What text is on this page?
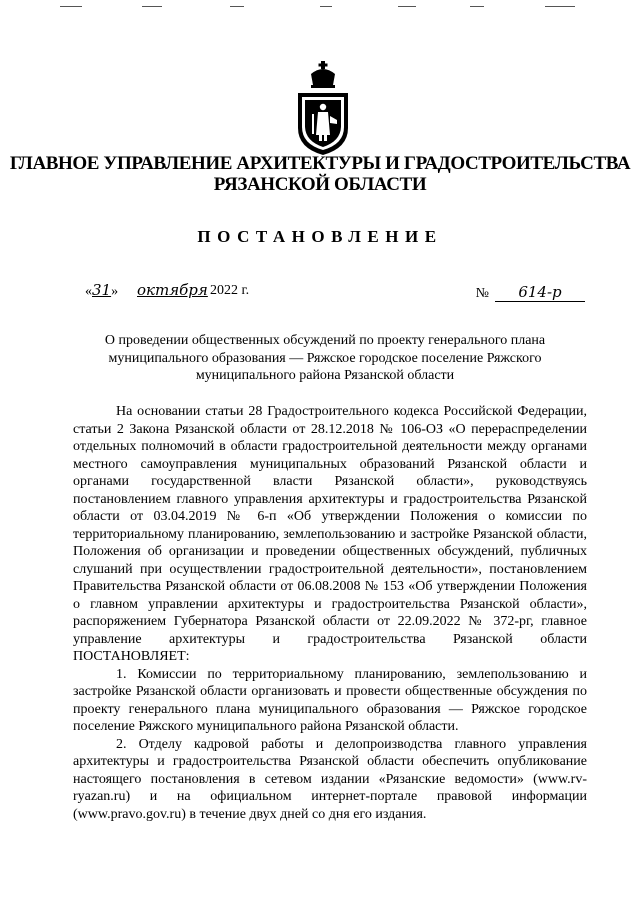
ГЛАВНОЕ УПРАВЛЕНИЕ АРХИТЕКТУРЫ И ГРАДОСТРОИТЕЛЬСТВА
РЯЗАНСКОЙ ОБЛАСТИ
ПОСТАНОВЛЕНИЕ
«31» октября 2022 г.	№ 614-р
О проведении общественных обсуждений по проекту генерального плана
муниципального образования — Ряжское городское поселение Ряжского
муниципального района Рязанской области

На основании статьи 28 Градостроительного кодекса Российской Федерации, статьи 2 Закона Рязанской области от 28.12.2018 № 106-ОЗ «О перераспределении отдельных полномочий в области градостроительной деятельности между органами местного самоуправления муниципальных образований Рязанской области и органами государственной власти Рязанской области», руководствуясь постановлением главного управления архитектуры и градостроительства Рязанской области от 03.04.2019 № 6-п «Об утверждении Положения о комиссии по территориальному планированию, землепользованию и застройке Рязанской области, Положения об организации и проведении общественных обсуждений, публичных слушаний при осуществлении градостроительной деятельности», постановлением Правительства Рязанской области от 06.08.2008 № 153 «Об утверждении Положения о главном управлении архитектуры и градостроительства Рязанской области», распоряжением Губернатора Рязанской области от 22.09.2022 № 372-рг, главное управление архитектуры и градостроительства Рязанской области ПОСТАНОВЛЯЕТ:

1. Комиссии по территориальному планированию, землепользованию и застройке Рязанской области организовать и провести общественные обсуждения по проекту генерального плана муниципального образования — Ряжское городское поселение Ряжского муниципального района Рязанской области.

2. Отделу кадровой работы и делопроизводства главного управления архитектуры и градостроительства Рязанской области обеспечить опубликование настоящего постановления в сетевом издании «Рязанские ведомости» (www.rv-ryazan.ru) и на официальном интернет-портале правовой информации (www.pravo.gov.ru) в течение двух дней со дня его издания.
